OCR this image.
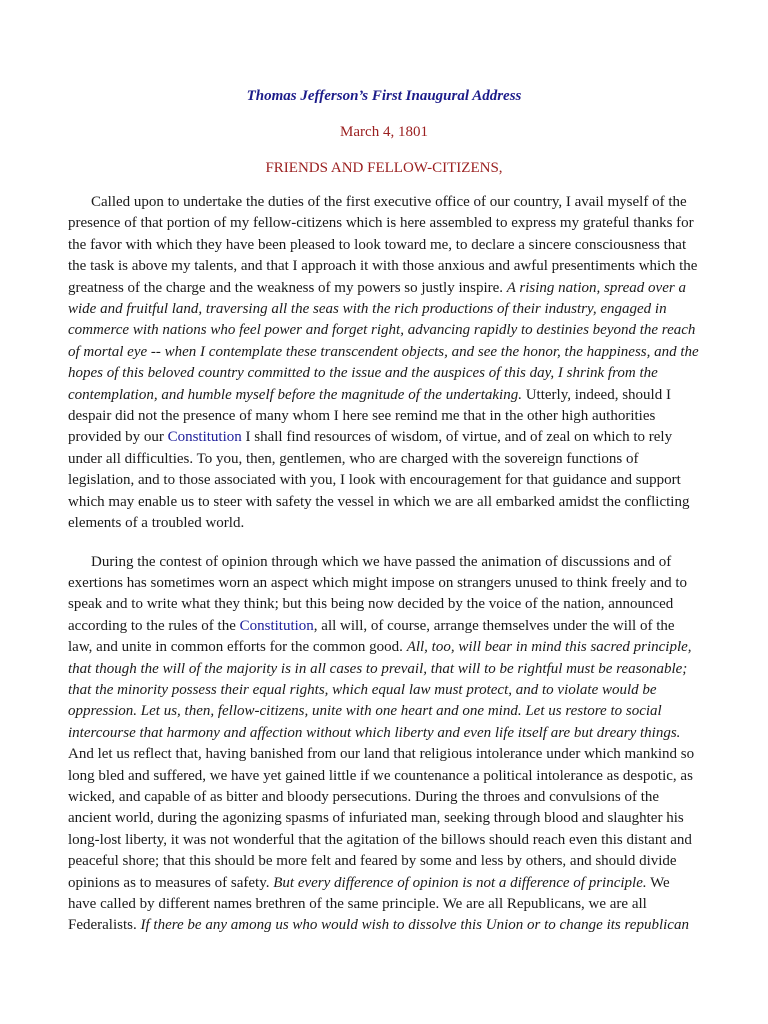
Thomas Jefferson’s First Inaugural Address
March 4, 1801
FRIENDS AND FELLOW-CITIZENS,

Called upon to undertake the duties of the first executive office of our country, I avail myself of the presence of that portion of my fellow-citizens which is here assembled to express my grateful thanks for the favor with which they have been pleased to look toward me, to declare a sincere consciousness that the task is above my talents, and that I approach it with those anxious and awful presentiments which the greatness of the charge and the weakness of my powers so justly inspire. A rising nation, spread over a wide and fruitful land, traversing all the seas with the rich productions of their industry, engaged in commerce with nations who feel power and forget right, advancing rapidly to destinies beyond the reach of mortal eye -- when I contemplate these transcendent objects, and see the honor, the happiness, and the hopes of this beloved country committed to the issue and the auspices of this day, I shrink from the contemplation, and humble myself before the magnitude of the undertaking. Utterly, indeed, should I despair did not the presence of many whom I here see remind me that in the other high authorities provided by our Constitution I shall find resources of wisdom, of virtue, and of zeal on which to rely under all difficulties. To you, then, gentlemen, who are charged with the sovereign functions of legislation, and to those associated with you, I look with encouragement for that guidance and support which may enable us to steer with safety the vessel in which we are all embarked amidst the conflicting elements of a troubled world.

During the contest of opinion through which we have passed the animation of discussions and of exertions has sometimes worn an aspect which might impose on strangers unused to think freely and to speak and to write what they think; but this being now decided by the voice of the nation, announced according to the rules of the Constitution, all will, of course, arrange themselves under the will of the law, and unite in common efforts for the common good. All, too, will bear in mind this sacred principle, that though the will of the majority is in all cases to prevail, that will to be rightful must be reasonable; that the minority possess their equal rights, which equal law must protect, and to violate would be oppression. Let us, then, fellow-citizens, unite with one heart and one mind. Let us restore to social intercourse that harmony and affection without which liberty and even life itself are but dreary things. And let us reflect that, having banished from our land that religious intolerance under which mankind so long bled and suffered, we have yet gained little if we countenance a political intolerance as despotic, as wicked, and capable of as bitter and bloody persecutions. During the throes and convulsions of the ancient world, during the agonizing spasms of infuriated man, seeking through blood and slaughter his long-lost liberty, it was not wonderful that the agitation of the billows should reach even this distant and peaceful shore; that this should be more felt and feared by some and less by others, and should divide opinions as to measures of safety. But every difference of opinion is not a difference of principle. We have called by different names brethren of the same principle. We are all Republicans, we are all Federalists. If there be any among us who would wish to dissolve this Union or to change its republican
